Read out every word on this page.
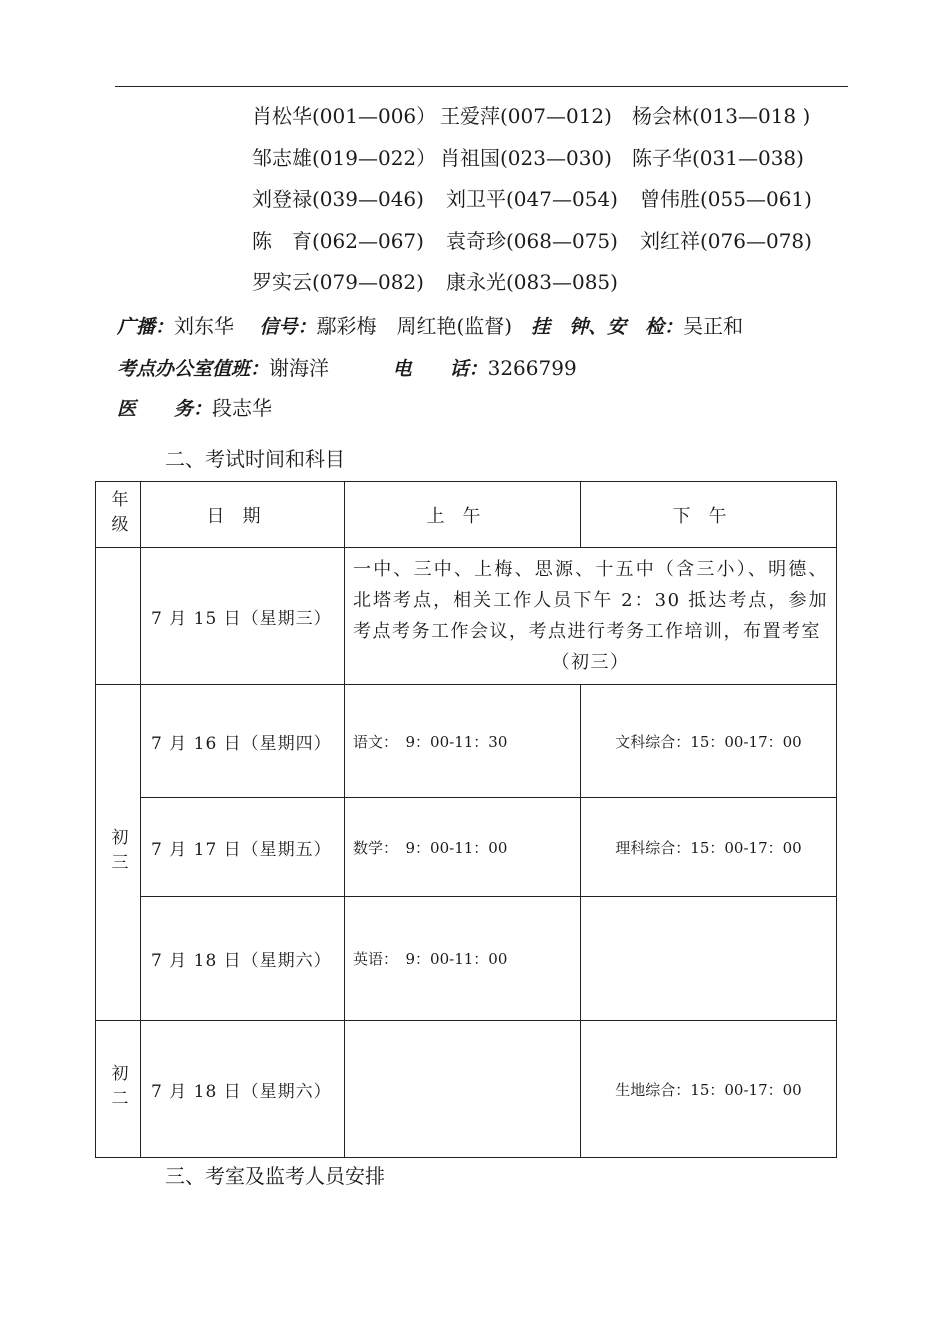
肖松华(001—006） 王爱萍(007—012) 杨会林(013—018 )
邹志雄(019—022） 肖祖国(023—030) 陈子华(031—038)
刘登禄(039—046) 刘卫平(047—054) 曾伟胜(055—061)
陈　育(062—067) 袁奇珍(068—075) 刘红祥(076—078)
罗实云(079—082) 康永光(083—085)
广播：刘东华 信号：鄢彩梅　周红艳(监督) 挂　钟、安　检：吴正和
考点办公室值班：谢海洋	电　　话：3266799
医　　务：段志华
二、考试时间和科目
年级	日期	上午	下午
	7 月 15 日（星期三）	一中、三中、上梅、思源、十五中（含三小）、明德、北塔考点，相关工作人员下午 2：30 抵达考点，参加考点考务工作会议，考点进行考务工作培训，布置考室
（初三）	

初三	7 月 16 日（星期四）	语文：　9：00-11：30	文科综合：15：00-17：00
	7 月 17 日（星期五）	数学：　9：00-11：00	理科综合：15：00-17：00
	7 月 18 日（星期六）	英语：　9：00-11：00	
初二	7 月 18 日（星期六）		生地综合：15：00-17：00
三、考室及监考人员安排
